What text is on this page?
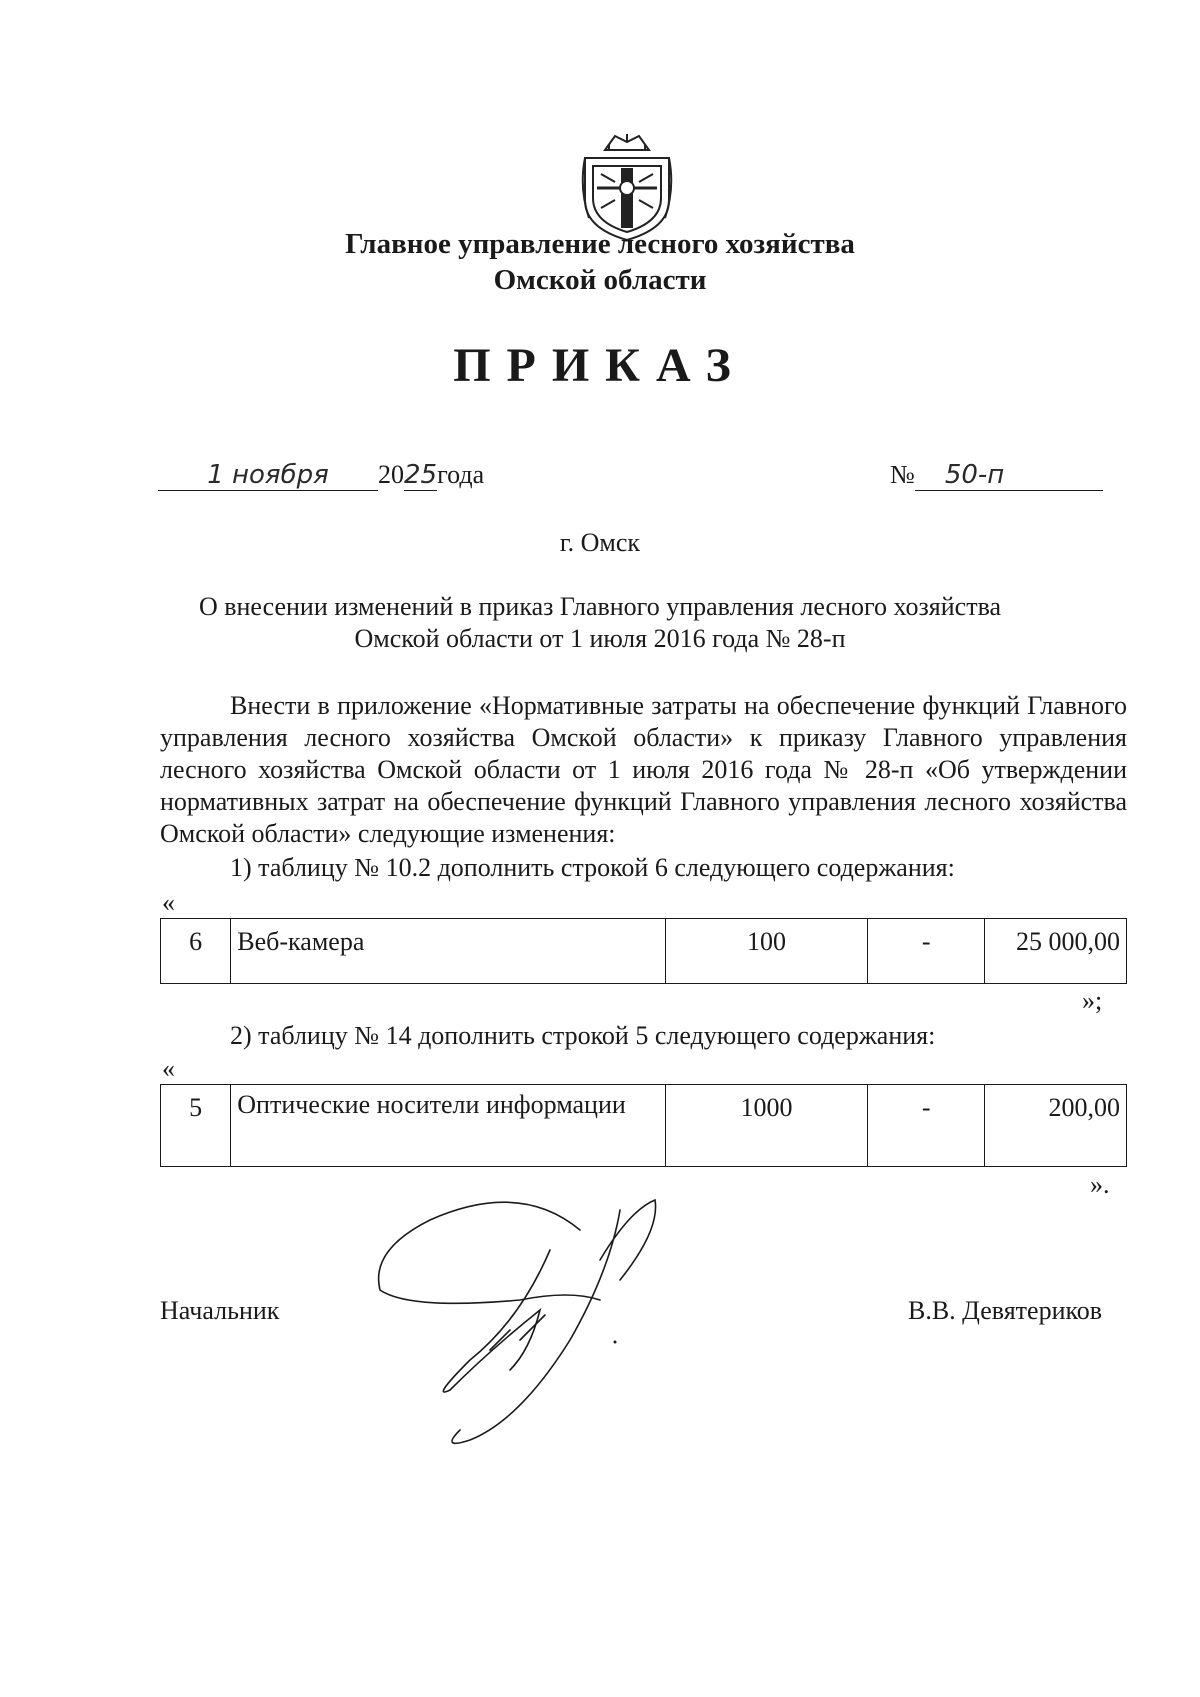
Главное управление лесного хозяйства
Омской области
ПРИКАЗ
1 ноября 2025года	№ 50-п
г. Омск
О внесении изменений в приказ Главного управления лесного хозяйства
Омской области от 1 июля 2016 года № 28-п
Внести в приложение «Нормативные затраты на обеспечение функций Главного управления лесного хозяйства Омской области» к приказу Главного управления лесного хозяйства Омской области от 1 июля 2016 года № 28-п «Об утверждении нормативных затрат на обеспечение функций Главного управления лесного хозяйства Омской области» следующие изменения:
1) таблицу № 10.2 дополнить строкой 6 следующего содержания:
«
6	Веб-камера	100	-	25 000,00
»;
2) таблицу № 14 дополнить строкой 5 следующего содержания:
«
5	Оптические носители информации	1000	-	200,00
».
Начальник	В.В. Девятериков
